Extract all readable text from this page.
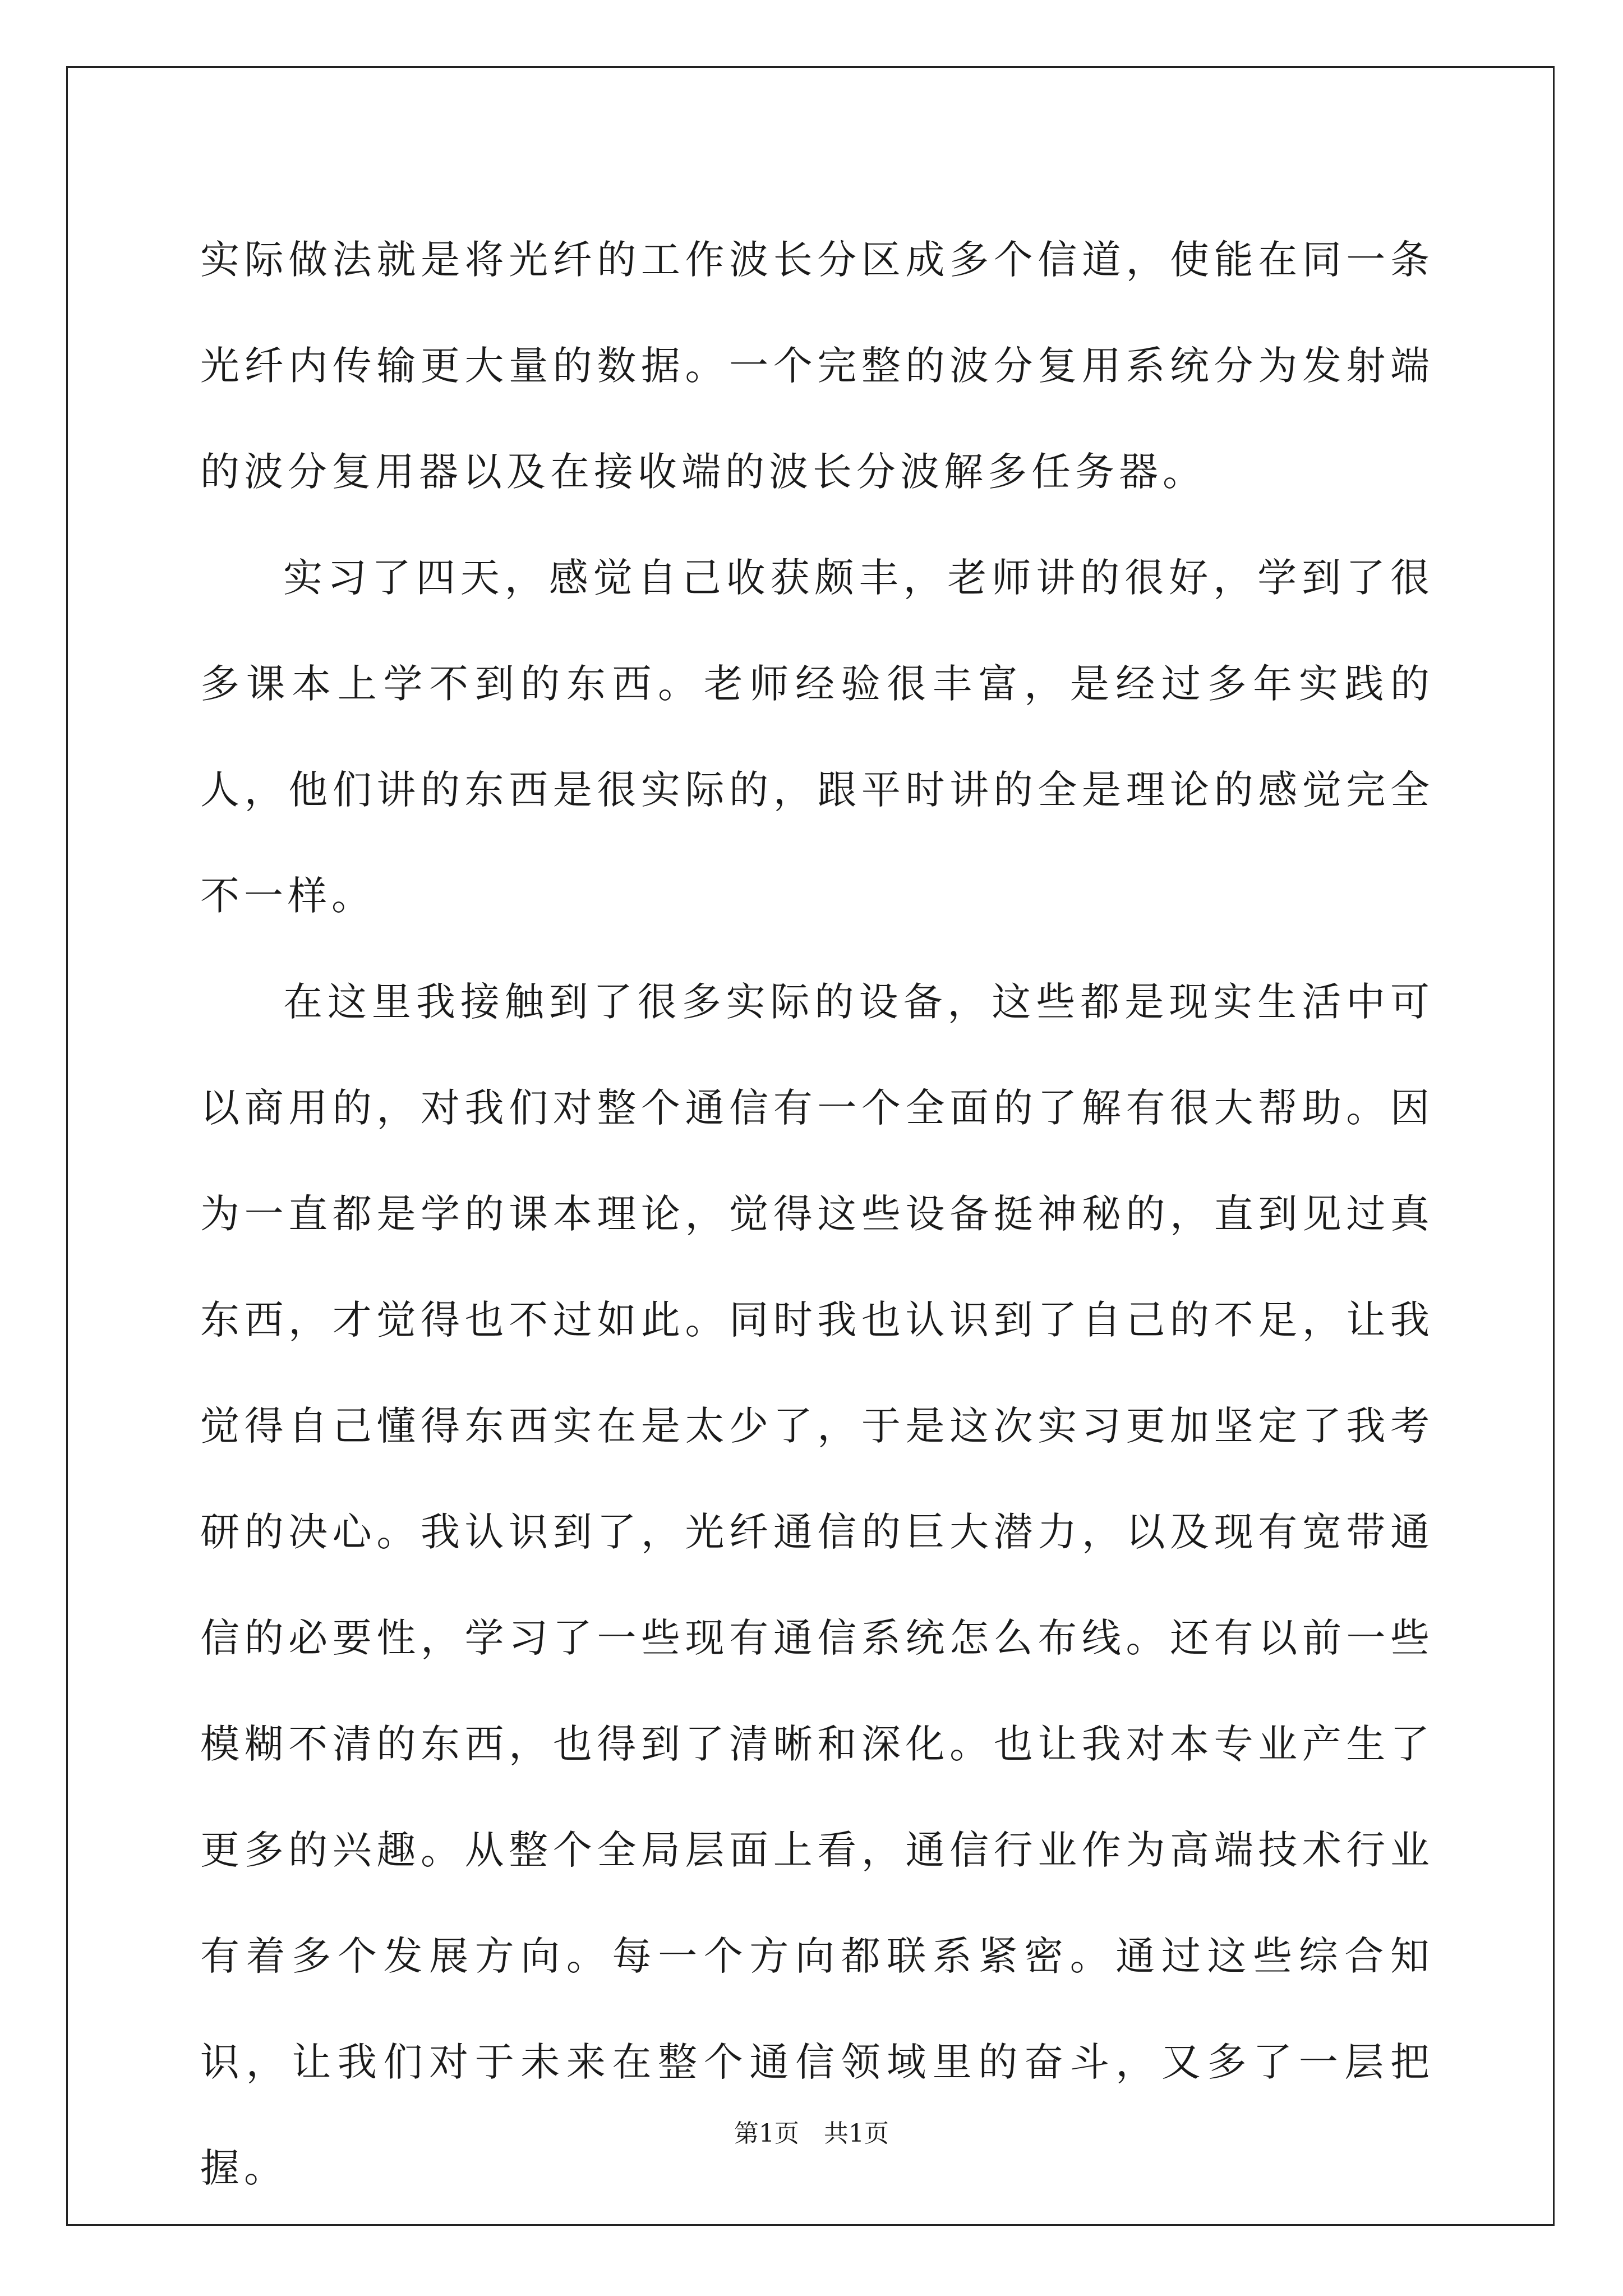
实际做法就是将光纤的工作波长分区成多个信道，使能在同一条光纤内传输更大量的数据。一个完整的波分复用系统分为发射端的波分复用器以及在接收端的波长分波解多任务器。

实习了四天，感觉自己收获颇丰，老师讲的很好，学到了很多课本上学不到的东西。老师经验很丰富，是经过多年实践的人，他们讲的东西是很实际的，跟平时讲的全是理论的感觉完全不一样。

在这里我接触到了很多实际的设备，这些都是现实生活中可以商用的，对我们对整个通信有一个全面的了解有很大帮助。因为一直都是学的课本理论，觉得这些设备挺神秘的，直到见过真东西，才觉得也不过如此。同时我也认识到了自己的不足，让我觉得自己懂得东西实在是太少了，于是这次实习更加坚定了我考研的决心。我认识到了，光纤通信的巨大潜力，以及现有宽带通信的必要性，学习了一些现有通信系统怎么布线。还有以前一些模糊不清的东西，也得到了清晰和深化。也让我对本专业产生了更多的兴趣。从整个全局层面上看，通信行业作为高端技术行业有着多个发展方向。每一个方向都联系紧密。通过这些综合知识，让我们对于未来在整个通信领域里的奋斗，又多了一层把握。

第1页　共1页
